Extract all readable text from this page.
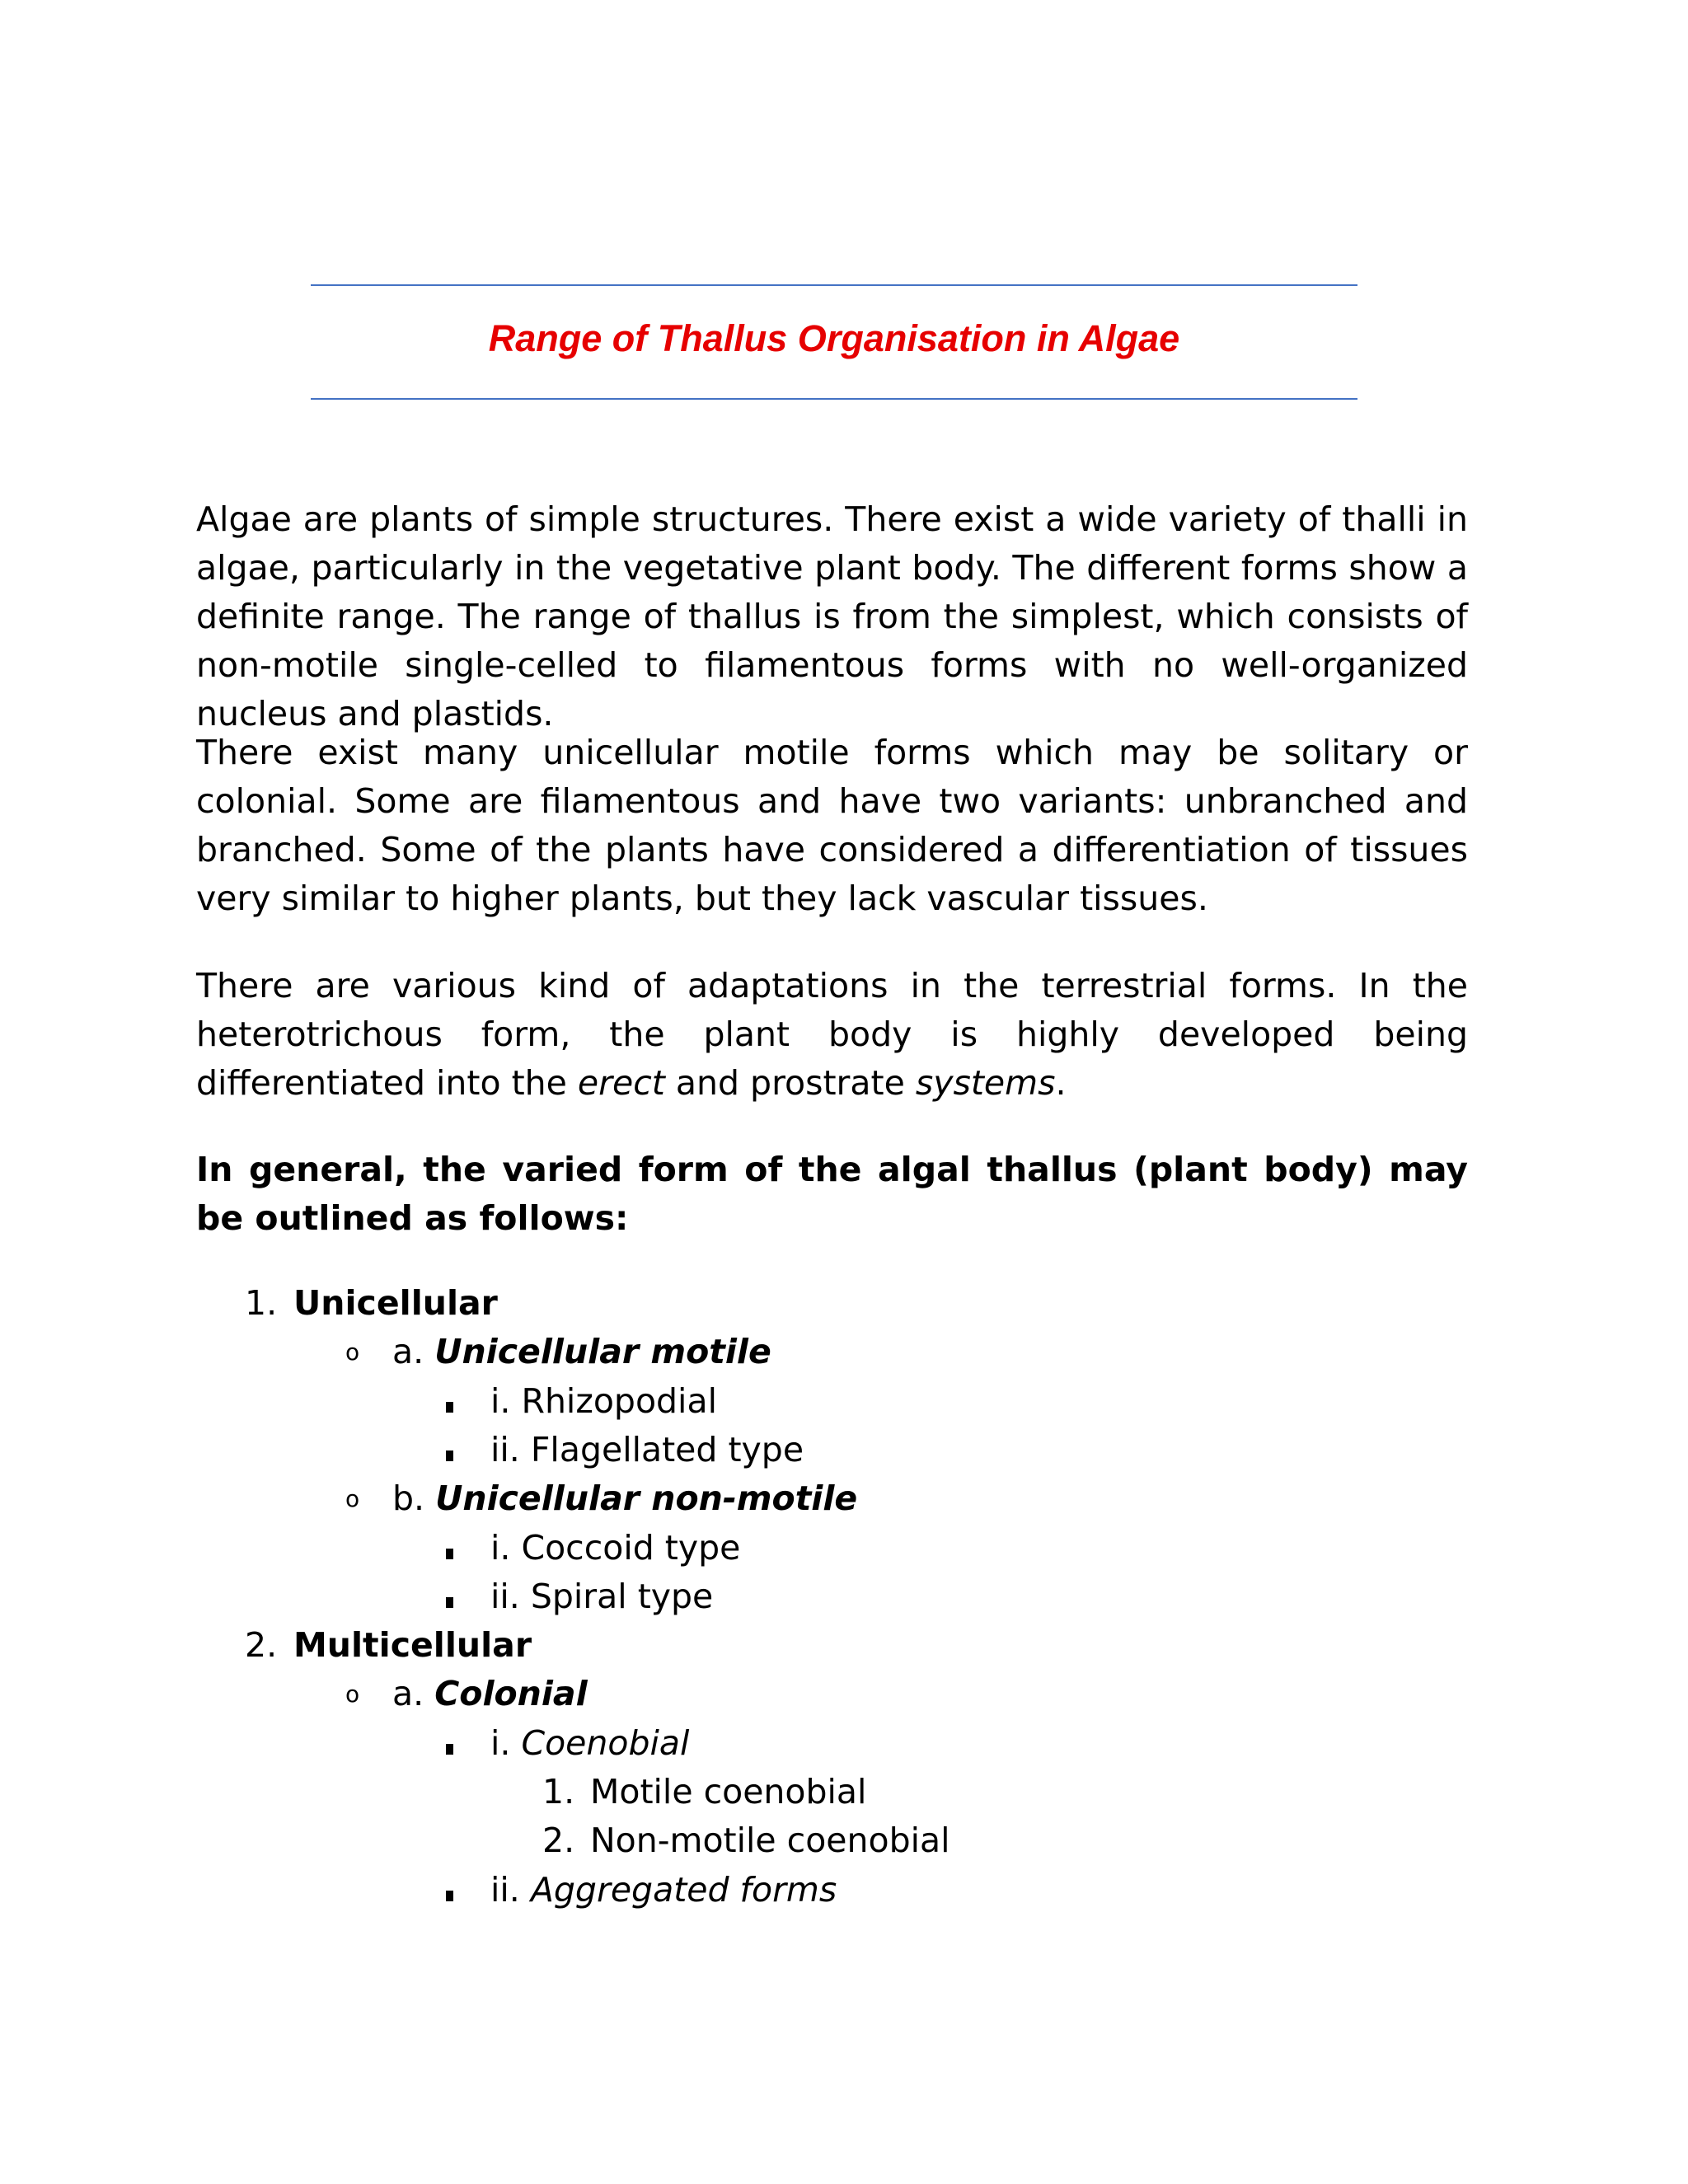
Range of Thallus Organisation in Algae

Algae are plants of simple structures. There exist a wide variety of thalli in algae, particularly in the vegetative plant body. The different forms show a definite range. The range of thallus is from the simplest, which consists of non-motile single-celled to filamentous forms with no well-organized nucleus and plastids.

There exist many unicellular motile forms which may be solitary or colonial. Some are filamentous and have two variants: unbranched and branched. Some of the plants have considered a differentiation of tissues very similar to higher plants, but they lack vascular tissues.

There are various kind of adaptations in the terrestrial forms. In the heterotrichous form, the plant body is highly developed being differentiated into the erect and prostrate systems.

In general, the varied form of the algal thallus (plant body) may be outlined as follows:

1. Unicellular
o a. Unicellular motile
i. Rhizopodial
ii. Flagellated type
o b. Unicellular non-motile
i. Coccoid type
ii. Spiral type
2. Multicellular
o a. Colonial
i. Coenobial
1. Motile coenobial
2. Non-motile coenobial
ii. Aggregated forms
